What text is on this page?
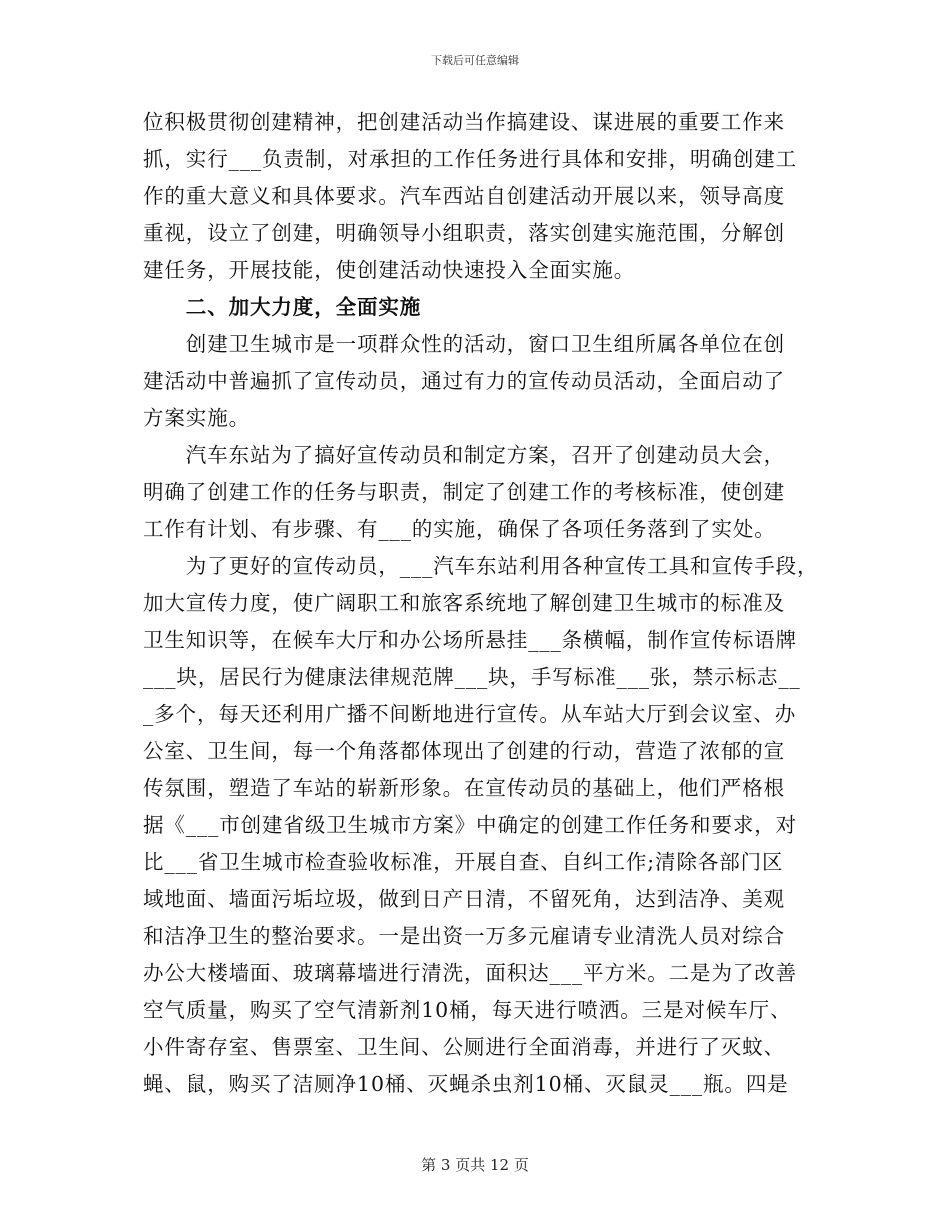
下载后可任意编辑
位积极贯彻创建精神，把创建活动当作搞建设、谋进展的重要工作来
抓，实行___负责制，对承担的工作任务进行具体和安排，明确创建工
作的重大意义和具体要求。汽车西站自创建活动开展以来，领导高度
重视，设立了创建，明确领导小组职责，落实创建实施范围，分解创
建任务，开展技能，使创建活动快速投入全面实施。
　　二、加大力度，全面实施
　　创建卫生城市是一项群众性的活动，窗口卫生组所属各单位在创
建活动中普遍抓了宣传动员，通过有力的宣传动员活动，全面启动了
方案实施。
　　汽车东站为了搞好宣传动员和制定方案，召开了创建动员大会，
明确了创建工作的任务与职责，制定了创建工作的考核标准，使创建
工作有计划、有步骤、有___的实施，确保了各项任务落到了实处。
　　为了更好的宣传动员，___汽车东站利用各种宣传工具和宣传手段，
加大宣传力度，使广阔职工和旅客系统地了解创建卫生城市的标准及
卫生知识等，在候车大厅和办公场所悬挂___条横幅，制作宣传标语牌
___块，居民行为健康法律规范牌___块，手写标准___张，禁示标志__
_多个，每天还利用广播不间断地进行宣传。从车站大厅到会议室、办
公室、卫生间，每一个角落都体现出了创建的行动，营造了浓郁的宣
传氛围，塑造了车站的崭新形象。在宣传动员的基础上，他们严格根
据《___市创建省级卫生城市方案》中确定的创建工作任务和要求，对
比___省卫生城市检查验收标准，开展自查、自纠工作;清除各部门区
域地面、墙面污垢垃圾，做到日产日清，不留死角，达到洁净、美观
和洁净卫生的整治要求。一是出资一万多元雇请专业清洗人员对综合
办公大楼墙面、玻璃幕墙进行清洗，面积达___平方米。二是为了改善
空气质量，购买了空气清新剂10桶，每天进行喷洒。三是对候车厅、
小件寄存室、售票室、卫生间、公厕进行全面消毒，并进行了灭蚊、
蝇、鼠，购买了洁厕净10桶、灭蝇杀虫剂10桶、灭鼠灵___瓶。四是
第 3 页共 12 页
